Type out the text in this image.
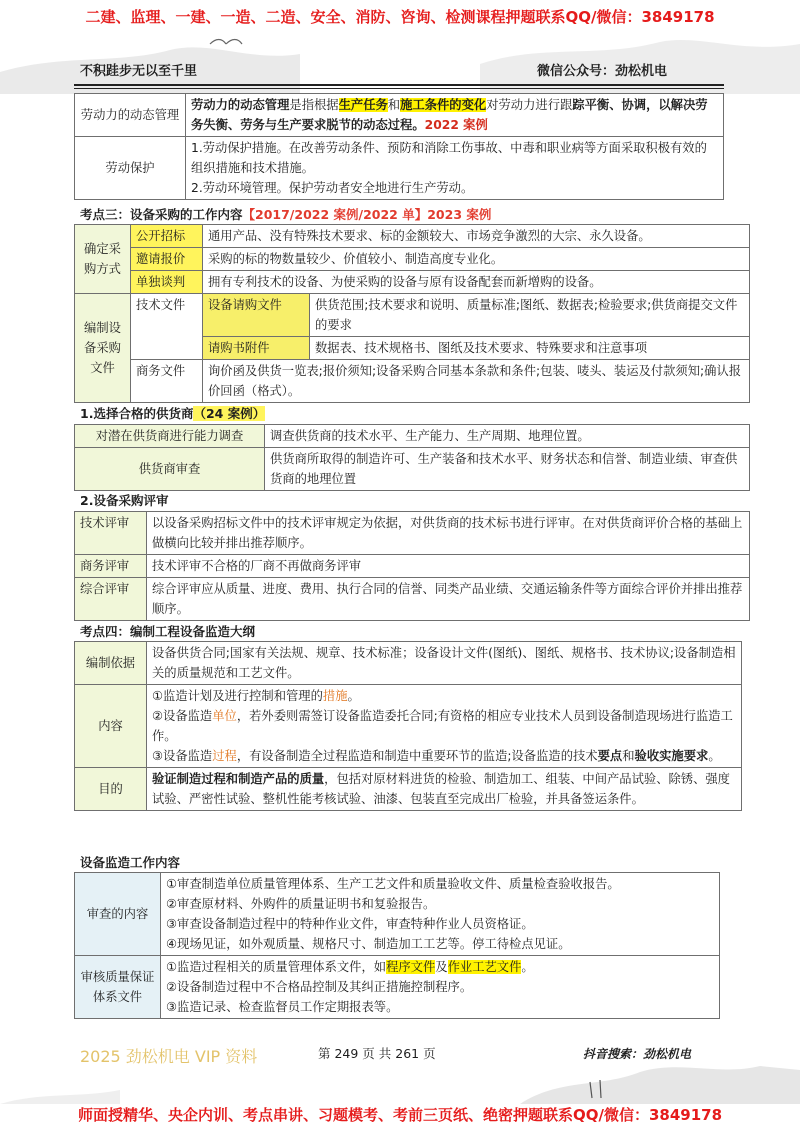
二建、监理、一建、一造、二造、安全、消防、咨询、检测课程押题联系QQ/微信：3849178
不积跬步无以至千里	微信公众号：劲松机电
劳动力的动态管理	劳动力的动态管理是指根据生产任务和施工条件的变化对劳动力进行跟踪平衡、协调，以解决劳务失衡、劳务与生产要求脱节的动态过程。2022 案例
劳动保护	1.劳动保护措施。在改善劳动条件、预防和消除工伤事故、中毒和职业病等方面采取积极有效的组织措施和技术措施。
2.劳动环境管理。保护劳动者安全地进行生产劳动。
考点三：设备采购的工作内容【2017/2022 案例/2022 单】2023 案例
确定采购方式	公开招标	通用产品、没有特殊技术要求、标的金额较大、市场竞争激烈的大宗、永久设备。	
	邀请报价	采购的标的物数量较少、价值较小、制造高度专业化。	
	单独谈判	拥有专利技术的设备、为使采购的设备与原有设备配套而新增购的设备。	
编制设备采购文件	技术文件	设备请购文件	供货范围;技术要求和说明、质量标准;图纸、数据表;检验要求;供货商提交文件的要求
		请购书附件	数据表、技术规格书、图纸及技术要求、特殊要求和注意事项
	商务文件	询价函及供货一览表;报价须知;设备采购合同基本条款和条件;包装、唛头、装运及付款须知;确认报价回函（格式）。	
1.选择合格的供货商（24 案例）
对潜在供货商进行能力调查	调查供货商的技术水平、生产能力、生产周期、地理位置。
供货商审查	供货商所取得的制造许可、生产装备和技术水平、财务状态和信誉、制造业绩、审查供货商的地理位置
2.设备采购评审
技术评审	以设备采购招标文件中的技术评审规定为依据，对供货商的技术标书进行评审。在对供货商评价合格的基础上做横向比较并排出推荐顺序。
商务评审	技术评审不合格的厂商不再做商务评审
综合评审	综合评审应从质量、进度、费用、执行合同的信誉、同类产品业绩、交通运输条件等方面综合评价并排出推荐顺序。
考点四：编制工程设备监造大纲
编制依据	设备供货合同;国家有关法规、规章、技术标准；设备设计文件(图纸)、图纸、规格书、技术协议;设备制造相关的质量规范和工艺文件。
内容	①监造计划及进行控制和管理的措施。
②设备监造单位，若外委则需签订设备监造委托合同;有资格的相应专业技术人员到设备制造现场进行监造工作。
③设备监造过程，有设备制造全过程监造和制造中重要环节的监造;设备监造的技术要点和验收实施要求。

目的	验证制造过程和制造产品的质量，包括对原材料进货的检验、制造加工、组装、中间产品试验、除锈、强度试验、严密性试验、整机性能考核试验、油漆、包装直至完成出厂检验，并具备签运条件。
设备监造工作内容
审查的内容	①审查制造单位质量管理体系、生产工艺文件和质量验收文件、质量检查验收报告。
②审查原材料、外购件的质量证明书和复验报告。
③审查设备制造过程中的特种作业文件，审查特种作业人员资格证。
④现场见证，如外观质量、规格尺寸、制造加工工艺等。停工待检点见证。

审核质量保证体系文件	①监造过程相关的质量管理体系文件，如程序文件及作业工艺文件。
②设备制造过程中不合格品控制及其纠正措施控制程序。
③监造记录、检查监督员工作定期报表等。
2025 劲松机电 VIP 资料	第 249 页 共 261 页	抖音搜索：劲松机电
师面授精华、央企内训、考点串讲、习题模考、考前三页纸、绝密押题联系QQ/微信：3849178
